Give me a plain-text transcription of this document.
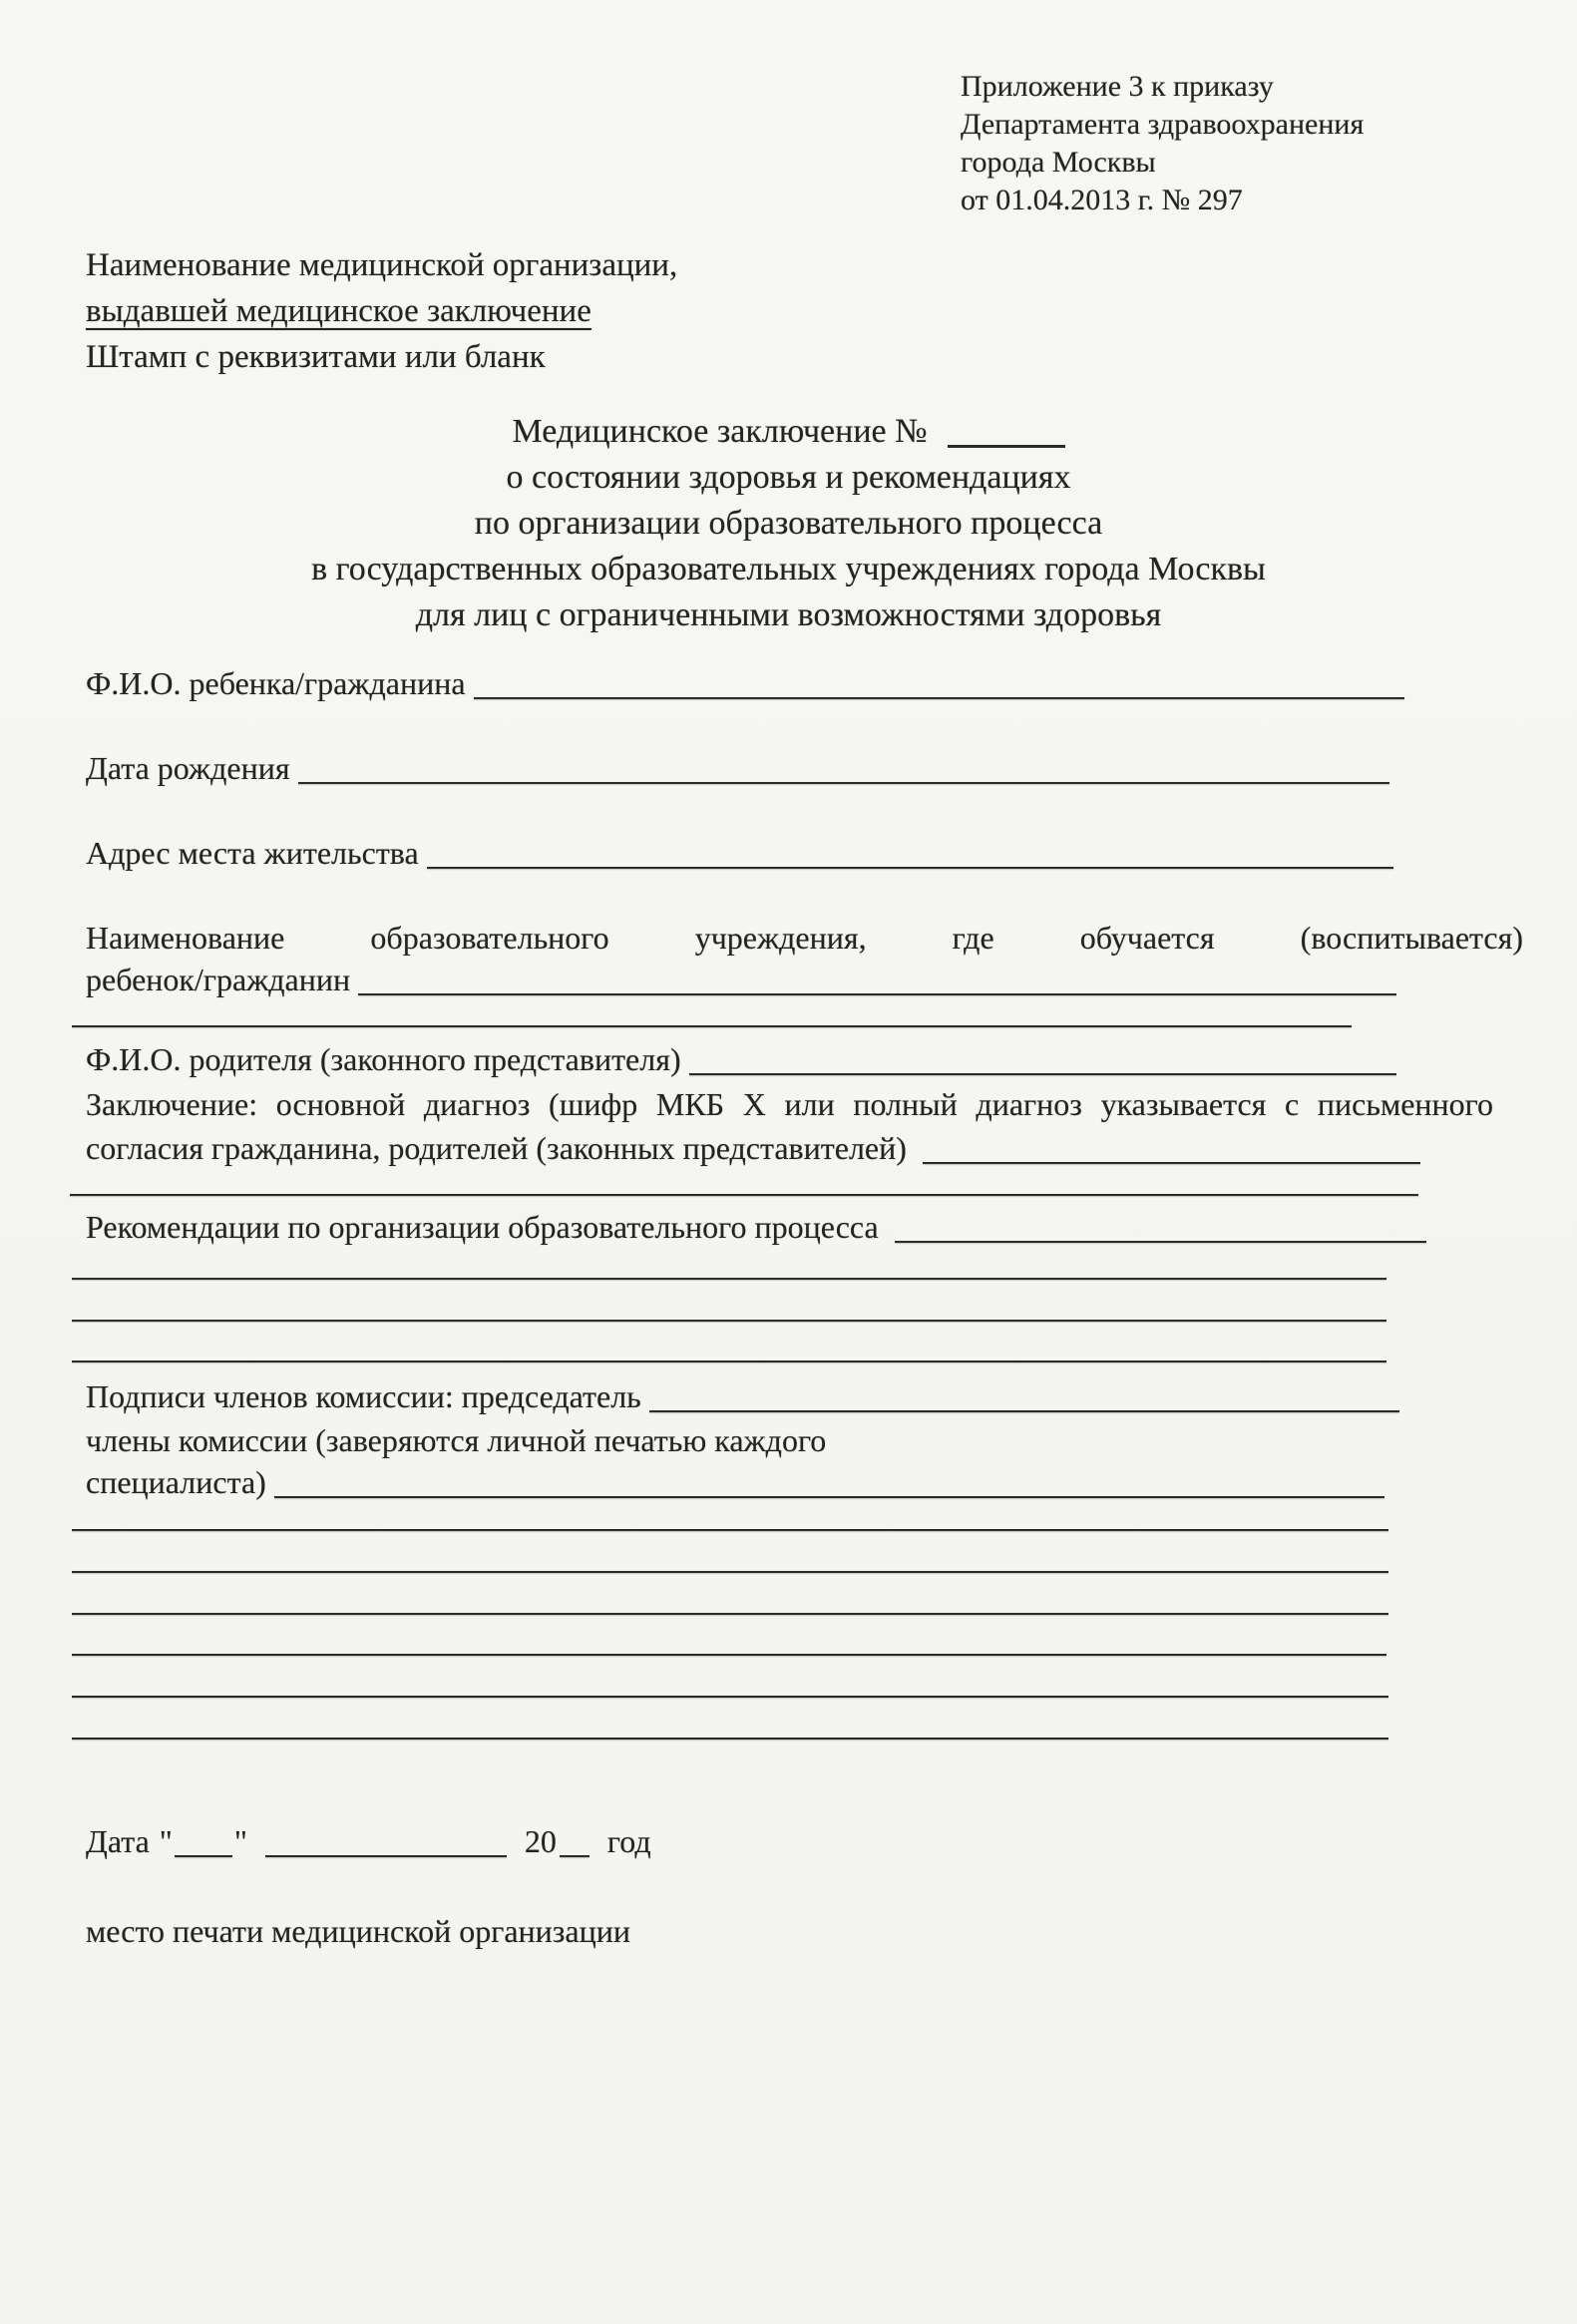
Приложение 3 к приказу
Департамента здравоохранения
города Москвы
от 01.04.2013 г. № 297
Наименование медицинской организации,
выдавшей медицинское заключение
Штамп с реквизитами или бланк
Медицинское заключение №
о состоянии здоровья и рекомендациях
по организации образовательного процесса
в государственных образовательных учреждениях города Москвы
для лиц с ограниченными возможностями здоровья
Ф.И.О. ребенка/гражданина
Дата рождения
Адрес места жительства
Наименование образовательного учреждения, где обучается (воспитывается)
ребенок/гражданин
Ф.И.О. родителя (законного представителя)
Заключение: основной диагноз (шифр МКБ X или полный диагноз указывается с письменного
согласия гражданина, родителей (законных представителей)
Рекомендации по организации образовательного процесса
Подписи членов комиссии: председатель
члены комиссии (заверяются личной печатью каждого
специалиста)
Дата " "	20 год
место печати медицинской организации
